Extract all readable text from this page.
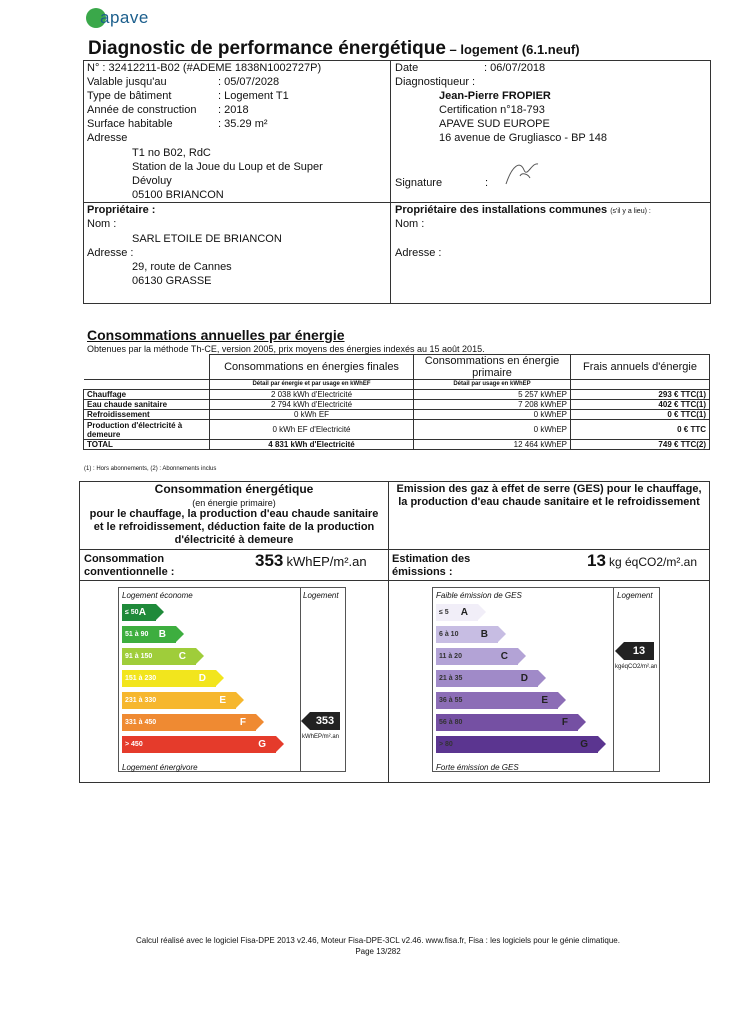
apave
Diagnostic de performance énergétique – logement (6.1.neuf)
N° : 32412211-B02 (#ADEME 1838N1002727P)
Valable jusqu'au	: 05/07/2028
Type de bâtiment	: Logement T1
Année de construction : 2018
Surface habitable	: 35.29 m²
Adresse
T1 no B02, RdC
Station de la Joue du Loup et de Super
Dévoluy
05100 BRIANCON
Date	: 06/07/2018
Diagnostiqueur :
Jean-Pierre FROPIER
Certification n°18-793
APAVE SUD EUROPE
16 avenue de Grugliasco - BP 148
Signature	:
Propriétaire :
Nom :
SARL ETOILE DE BRIANCON
Adresse :
29, route de Cannes
06130 GRASSE
Propriétaire des installations communes (s'il y a lieu) :
Nom :
Adresse :
Consommations annuelles par énergie
Obtenues par la méthode Th-CE, version 2005, prix moyens des énergies indexés au 15 août 2015.
	Consommations en énergies finales	Consommations en énergie primaire	Frais annuels d'énergie
	Détail par énergie et par usage en kWhEF	Détail par usage en kWhEP	
Chauffage	2 038 kWh d'Electricité	5 257 kWhEP	293 € TTC(1)
Eau chaude sanitaire	2 794 kWh d'Electricité	7 208 kWhEP	402 € TTC(1)
Refroidissement	0 kWh EF	0 kWhEP	0 € TTC(1)
Production d'électricité à demeure	0 kWh EF d'Electricité	0 kWhEP	0 € TTC
TOTAL	4 831 kWh d'Electricité	12 464 kWhEP	749 € TTC(2)
(1) : Hors abonnements, (2) : Abonnements inclus
Consommation énergétique
(en énergie primaire)
pour le chauffage, la production d'eau chaude sanitaire et le refroidissement, déduction faite de la production d'électricité à demeure
Consommation conventionnelle :
353 kWhEP/m².an
Emission des gaz à effet de serre (GES) pour le chauffage, la production d'eau chaude sanitaire et le refroidissement
Estimation des émissions :
13 kg éqCO2/m².an
Logement économe	Logement
Logement énergivore
≤ 50 A
51 à 90 B
91 à 150	C
151 à 230	D
231 à 330	E
331 à 450	F
> 450	G
353
kWhEP/m².an
Faible émission de GES	Logement
Forte émission de GES
≤ 5 A
6 à 10 B
11 à 20	C
21 à 35	D
36 à 55	E
56 à 80	F
> 80	G
13
kgéqCO2/m².an
Calcul réalisé avec le logiciel Fisa-DPE 2013 v2.46, Moteur Fisa-DPE-3CL v2.46. www.fisa.fr, Fisa : les logiciels pour le génie climatique.
Page 13/282
